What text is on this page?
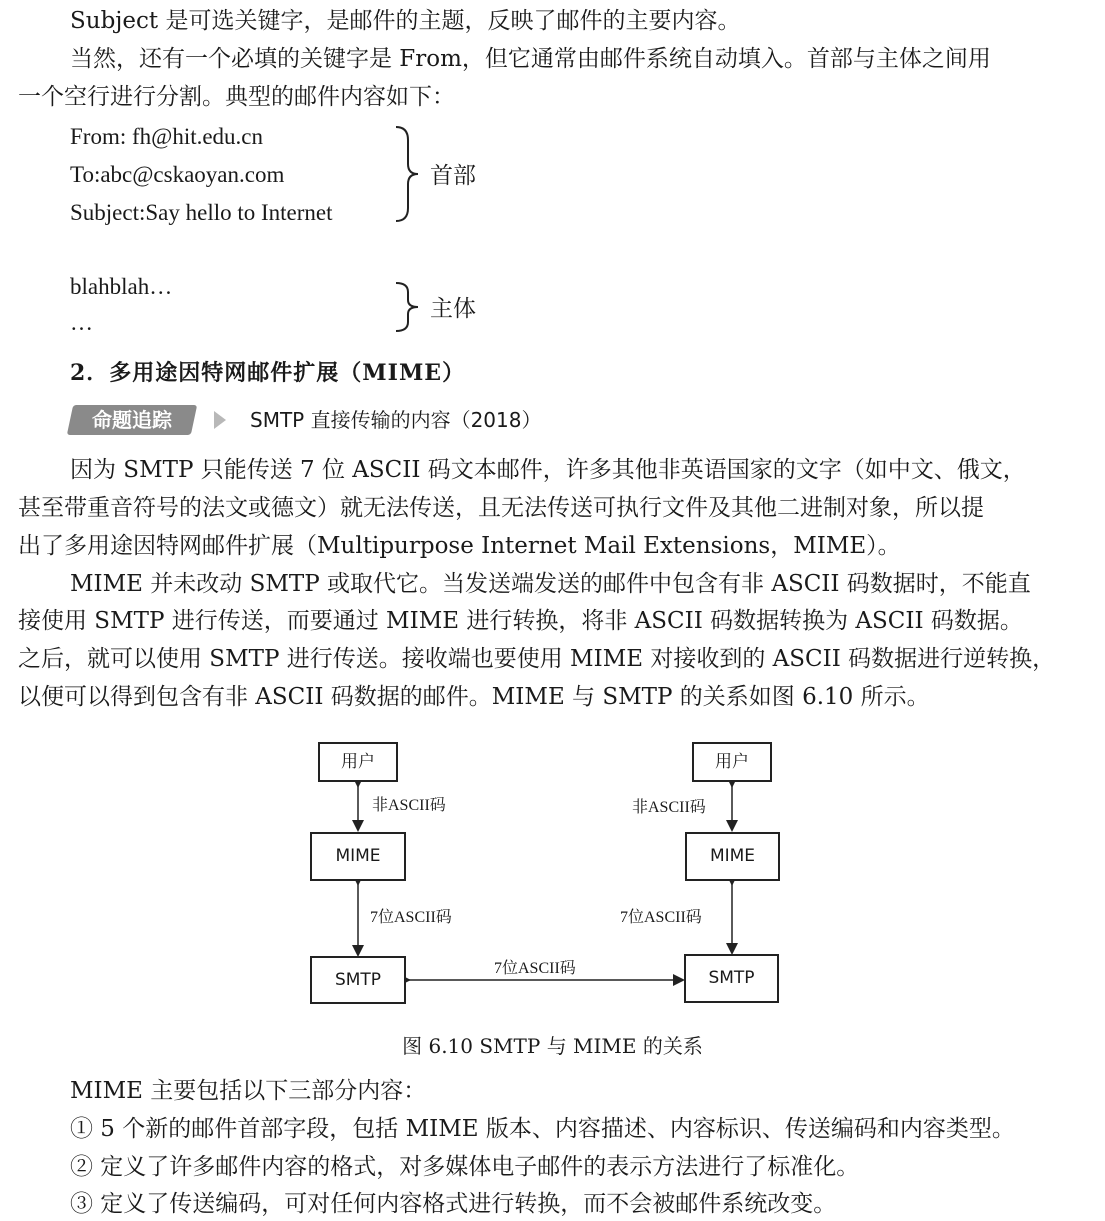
Subject 是可选关键字，是邮件的主题，反映了邮件的主要内容。
当然，还有一个必填的关键字是 From，但它通常由邮件系统自动填入。首部与主体之间用
一个空行进行分割。典型的邮件内容如下：
From: fh@hit.edu.cn
To:abc@cskaoyan.com
Subject:Say hello to Internet
首部
blahblah…
…
主体
2．多用途因特网邮件扩展（MIME）
命题追踪	SMTP 直接传输的内容（2018）
因为 SMTP 只能传送 7 位 ASCII 码文本邮件，许多其他非英语国家的文字（如中文、俄文，
甚至带重音符号的法文或德文）就无法传送，且无法传送可执行文件及其他二进制对象，所以提
出了多用途因特网邮件扩展（Multipurpose Internet Mail Extensions，MIME）。
MIME 并未改动 SMTP 或取代它。当发送端发送的邮件中包含有非 ASCII 码数据时，不能直
接使用 SMTP 进行传送，而要通过 MIME 进行转换，将非 ASCII 码数据转换为 ASCII 码数据。
之后，就可以使用 SMTP 进行传送。接收端也要使用 MIME 对接收到的 ASCII 码数据进行逆转换，
以便可以得到包含有非 ASCII 码数据的邮件。MIME 与 SMTP 的关系如图 6.10 所示。
用户	用户
MIME	MIME
SMTP	SMTP
非ASCII码	非ASCII码
7位ASCII码	7位ASCII码
7位ASCII码
图 6.10 SMTP 与 MIME 的关系
MIME 主要包括以下三部分内容：
① 5 个新的邮件首部字段，包括 MIME 版本、内容描述、内容标识、传送编码和内容类型。
② 定义了许多邮件内容的格式，对多媒体电子邮件的表示方法进行了标准化。
③ 定义了传送编码，可对任何内容格式进行转换，而不会被邮件系统改变。
